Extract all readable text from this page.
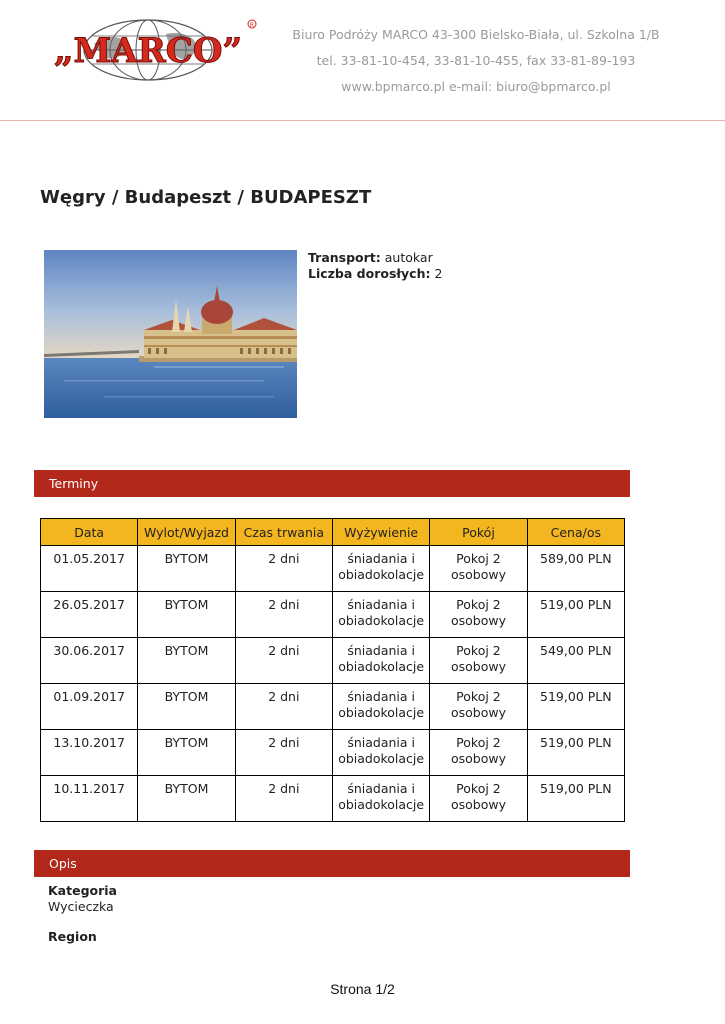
„MARCO”
R
Biuro Podróży MARCO 43-300 Bielsko-Biała, ul. Szkolna 1/B
tel. 33-81-10-454, 33-81-10-455, fax 33-81-89-193
www.bpmarco.pl e-mail: biuro@bpmarco.pl
Węgry / Budapeszt / BUDAPESZT
Transport: autokar
Liczba dorosłych: 2
Terminy
Data	Wylot/Wyjazd	Czas trwania	Wyżywienie	Pokój	Cena/os
01.05.2017	BYTOM	2 dni	śniadania i obiadokolacje	Pokoj 2 osobowy	589,00 PLN
26.05.2017	BYTOM	2 dni	śniadania i obiadokolacje	Pokoj 2 osobowy	519,00 PLN
30.06.2017	BYTOM	2 dni	śniadania i obiadokolacje	Pokoj 2 osobowy	549,00 PLN
01.09.2017	BYTOM	2 dni	śniadania i obiadokolacje	Pokoj 2 osobowy	519,00 PLN
13.10.2017	BYTOM	2 dni	śniadania i obiadokolacje	Pokoj 2 osobowy	519,00 PLN
10.11.2017	BYTOM	2 dni	śniadania i obiadokolacje	Pokoj 2 osobowy	519,00 PLN
Opis
Kategoria
Wycieczka
Region
Strona 1/2
